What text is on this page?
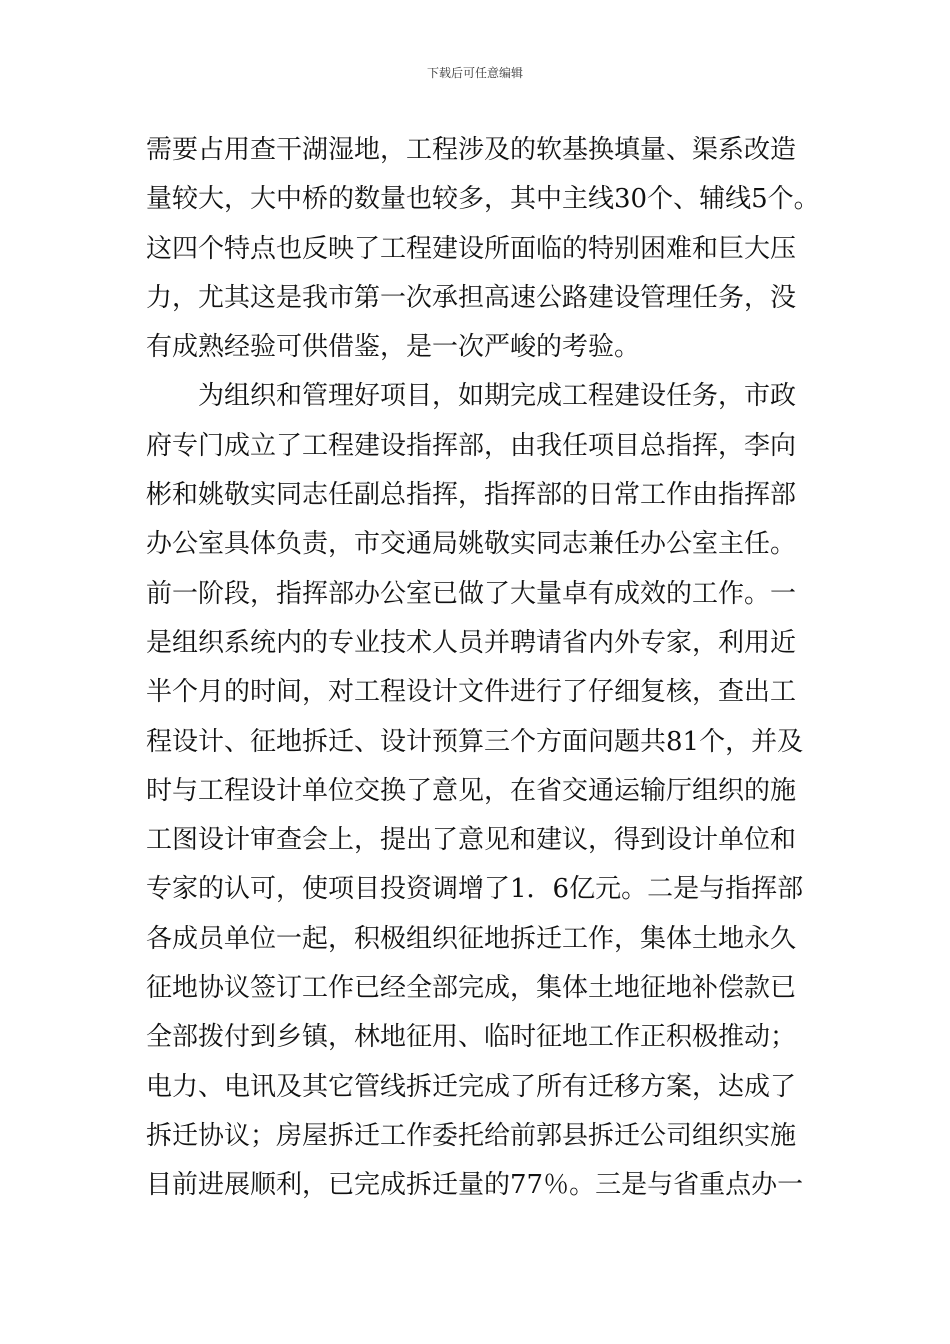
下载后可任意编辑
需要占用查干湖湿地，工程涉及的软基换填量、渠系改造
量较大，大中桥的数量也较多，其中主线30个、辅线5个。
这四个特点也反映了工程建设所面临的特别困难和巨大压
力，尤其这是我市第一次承担高速公路建设管理任务，没
有成熟经验可供借鉴，是一次严峻的考验。
　　为组织和管理好项目，如期完成工程建设任务，市政
府专门成立了工程建设指挥部，由我任项目总指挥，李向
彬和姚敬实同志任副总指挥，指挥部的日常工作由指挥部
办公室具体负责，市交通局姚敬实同志兼任办公室主任。
前一阶段，指挥部办公室已做了大量卓有成效的工作。一
是组织系统内的专业技术人员并聘请省内外专家，利用近
半个月的时间，对工程设计文件进行了仔细复核，查出工
程设计、征地拆迁、设计预算三个方面问题共81个，并及
时与工程设计单位交换了意见，在省交通运输厅组织的施
工图设计审查会上，提出了意见和建议，得到设计单位和
专家的认可，使项目投资调增了1．6亿元。二是与指挥部
各成员单位一起，积极组织征地拆迁工作，集体土地永久
征地协议签订工作已经全部完成，集体土地征地补偿款已
全部拨付到乡镇，林地征用、临时征地工作正积极推动；
电力、电讯及其它管线拆迁完成了所有迁移方案，达成了
拆迁协议；房屋拆迁工作委托给前郭县拆迁公司组织实施
目前进展顺利，已完成拆迁量的77％。三是与省重点办一
